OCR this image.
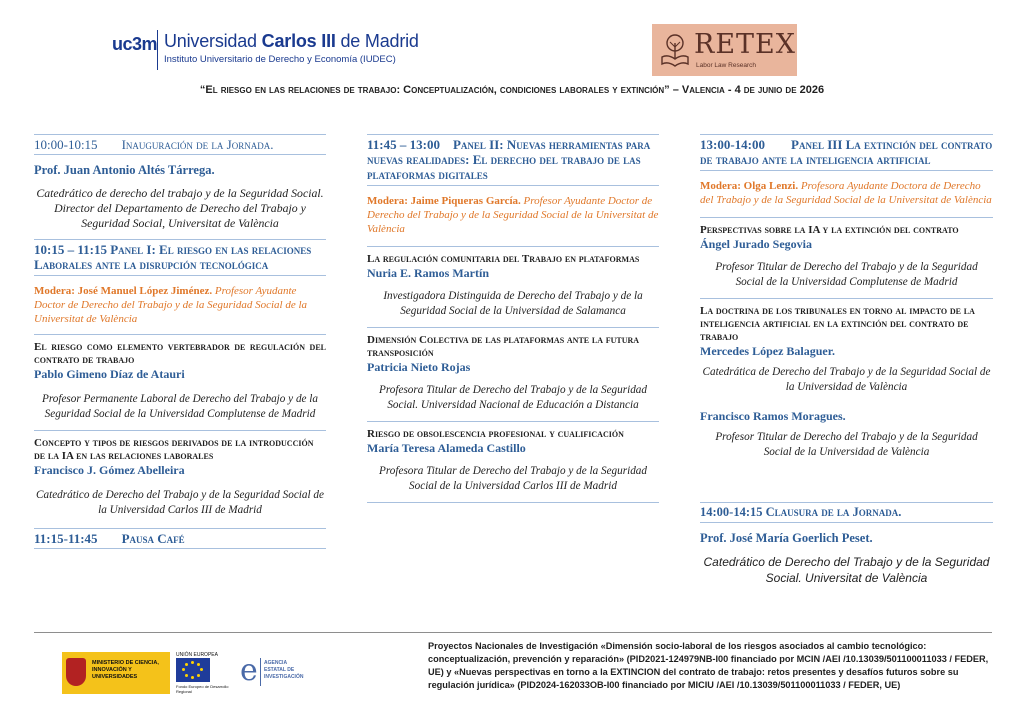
uc3m Universidad Carlos III de Madrid
Instituto Universitario de Derecho y Economía (IUDEC)	RETEX
Labor Law Research
“El riesgo en las relaciones de trabajo: Conceptualización, condiciones laborales y extinción” – Valencia - 4 de junio de 2026
10:00-10:15 Inauguración de la Jornada.
Prof. Juan Antonio Altés Tárrega.
Catedrático de derecho del trabajo y de la Seguridad Social. Director del Departamento de Derecho del Trabajo y Seguridad Social, Universitat de València
10:15 – 11:15 Panel I: El riesgo en las relaciones Laborales ante la disrupción tecnológica
Modera: José Manuel López Jiménez. Profesor Ayudante Doctor de Derecho del Trabajo y de la Seguridad Social de la Universitat de València
El riesgo como elemento vertebrador de regulación del contrato de trabajo
Pablo Gimeno Díaz de Atauri
Profesor Permanente Laboral de Derecho del Trabajo y de la Seguridad Social de la Universidad Complutense de Madrid
Concepto y tipos de riesgos derivados de la introducción de la IA en las relaciones laborales
Francisco J. Gómez Abelleira
Catedrático de Derecho del Trabajo y de la Seguridad Social de la Universidad Carlos III de Madrid
11:15-11:45 Pausa Café
11:45 – 13:00 Panel II: Nuevas herramientas para nuevas realidades: El derecho del trabajo de las plataformas digitales
Modera: Jaime Piqueras García. Profesor Ayudante Doctor de Derecho del Trabajo y de la Seguridad Social de la Universitat de València
La regulación comunitaria del Trabajo en plataformas
Nuria E. Ramos Martín
Investigadora Distinguida de Derecho del Trabajo y de la Seguridad Social de la Universidad de Salamanca
Dimensión Colectiva de las plataformas ante la futura transposición
Patricia Nieto Rojas
Profesora Titular de Derecho del Trabajo y de la Seguridad Social. Universidad Nacional de Educación a Distancia
Riesgo de obsolescencia profesional y cualificación
María Teresa Alameda Castillo
Profesora Titular de Derecho del Trabajo y de la Seguridad Social de la Universidad Carlos III de Madrid
13:00-14:00 Panel III La extinción del contrato de trabajo ante la inteligencia artificial
Modera: Olga Lenzi. Profesora Ayudante Doctora de Derecho del Trabajo y de la Seguridad Social de la Universitat de València
Perspectivas sobre la IA y la extinción del contrato
Ángel Jurado Segovia
Profesor Titular de Derecho del Trabajo y de la Seguridad Social de la Universidad Complutense de Madrid
La doctrina de los tribunales en torno al impacto de la inteligencia artificial en la extinción del contrato de trabajo
Mercedes López Balaguer.
Catedrática de Derecho del Trabajo y de la Seguridad Social de la Universidad de València
Francisco Ramos Moragues.
Profesor Titular de Derecho del Trabajo y de la Seguridad Social de la Universidad de València
14:00-14:15 Clausura de la Jornada.
Prof. José María Goerlich Peset.
Catedrático de Derecho del Trabajo y de la Seguridad Social. Universitat de València
MINISTERIO DE CIENCIA, INNOVACIÓN Y UNIVERSIDADES
UNIÓN EUROPEA
Fondo Europeo de Desarrollo Regional
e AGENCIA ESTATAL DE INVESTIGACIÓN
Proyectos Nacionales de Investigación «Dimensión socio-laboral de los riesgos asociados al cambio tecnológico: conceptualización, prevención y reparación» (PID2021-124979NB-I00 financiado por MCIN /AEI /10.13039/501100011033 / FEDER, UE) y «Nuevas perspectivas en torno a la EXTINCION del contrato de trabajo: retos presentes y desafíos futuros sobre su regulación jurídica» (PID2024-162033OB-I00 financiado por MICIU /AEI /10.13039/501100011033 / FEDER, UE)
